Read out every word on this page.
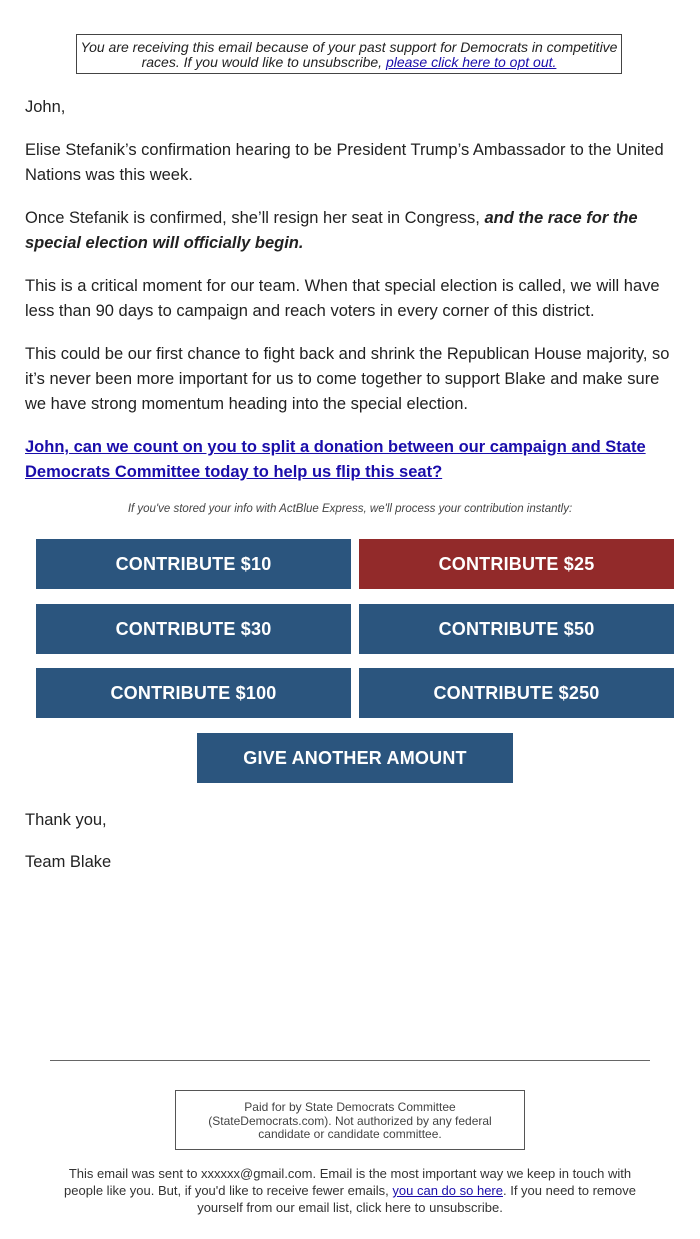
You are receiving this email because of your past support for Democrats in competitive races. If you would like to unsubscribe, please click here to opt out.
John,
Elise Stefanik’s confirmation hearing to be President Trump’s Ambassador to the United Nations was this week.
Once Stefanik is confirmed, she’ll resign her seat in Congress, and the race for the special election will officially begin.
This is a critical moment for our team. When that special election is called, we will have less than 90 days to campaign and reach voters in every corner of this district.
This could be our first chance to fight back and shrink the Republican House majority, so it’s never been more important for us to come together to support Blake and make sure we have strong momentum heading into the special election.
John, can we count on you to split a donation between our campaign and State Democrats Committee today to help us flip this seat?
If you've stored your info with ActBlue Express, we'll process your contribution instantly:
CONTRIBUTE $10	CONTRIBUTE $25
CONTRIBUTE $30	CONTRIBUTE $50
CONTRIBUTE $100	CONTRIBUTE $250
GIVE ANOTHER AMOUNT
Thank you,
Team Blake
Paid for by State Democrats Committee (StateDemocrats.com). Not authorized by any federal candidate or candidate committee.
This email was sent to xxxxxx@gmail.com. Email is the most important way we keep in touch with people like you. But, if you'd like to receive fewer emails, you can do so here. If you need to remove yourself from our email list, click here to unsubscribe.
